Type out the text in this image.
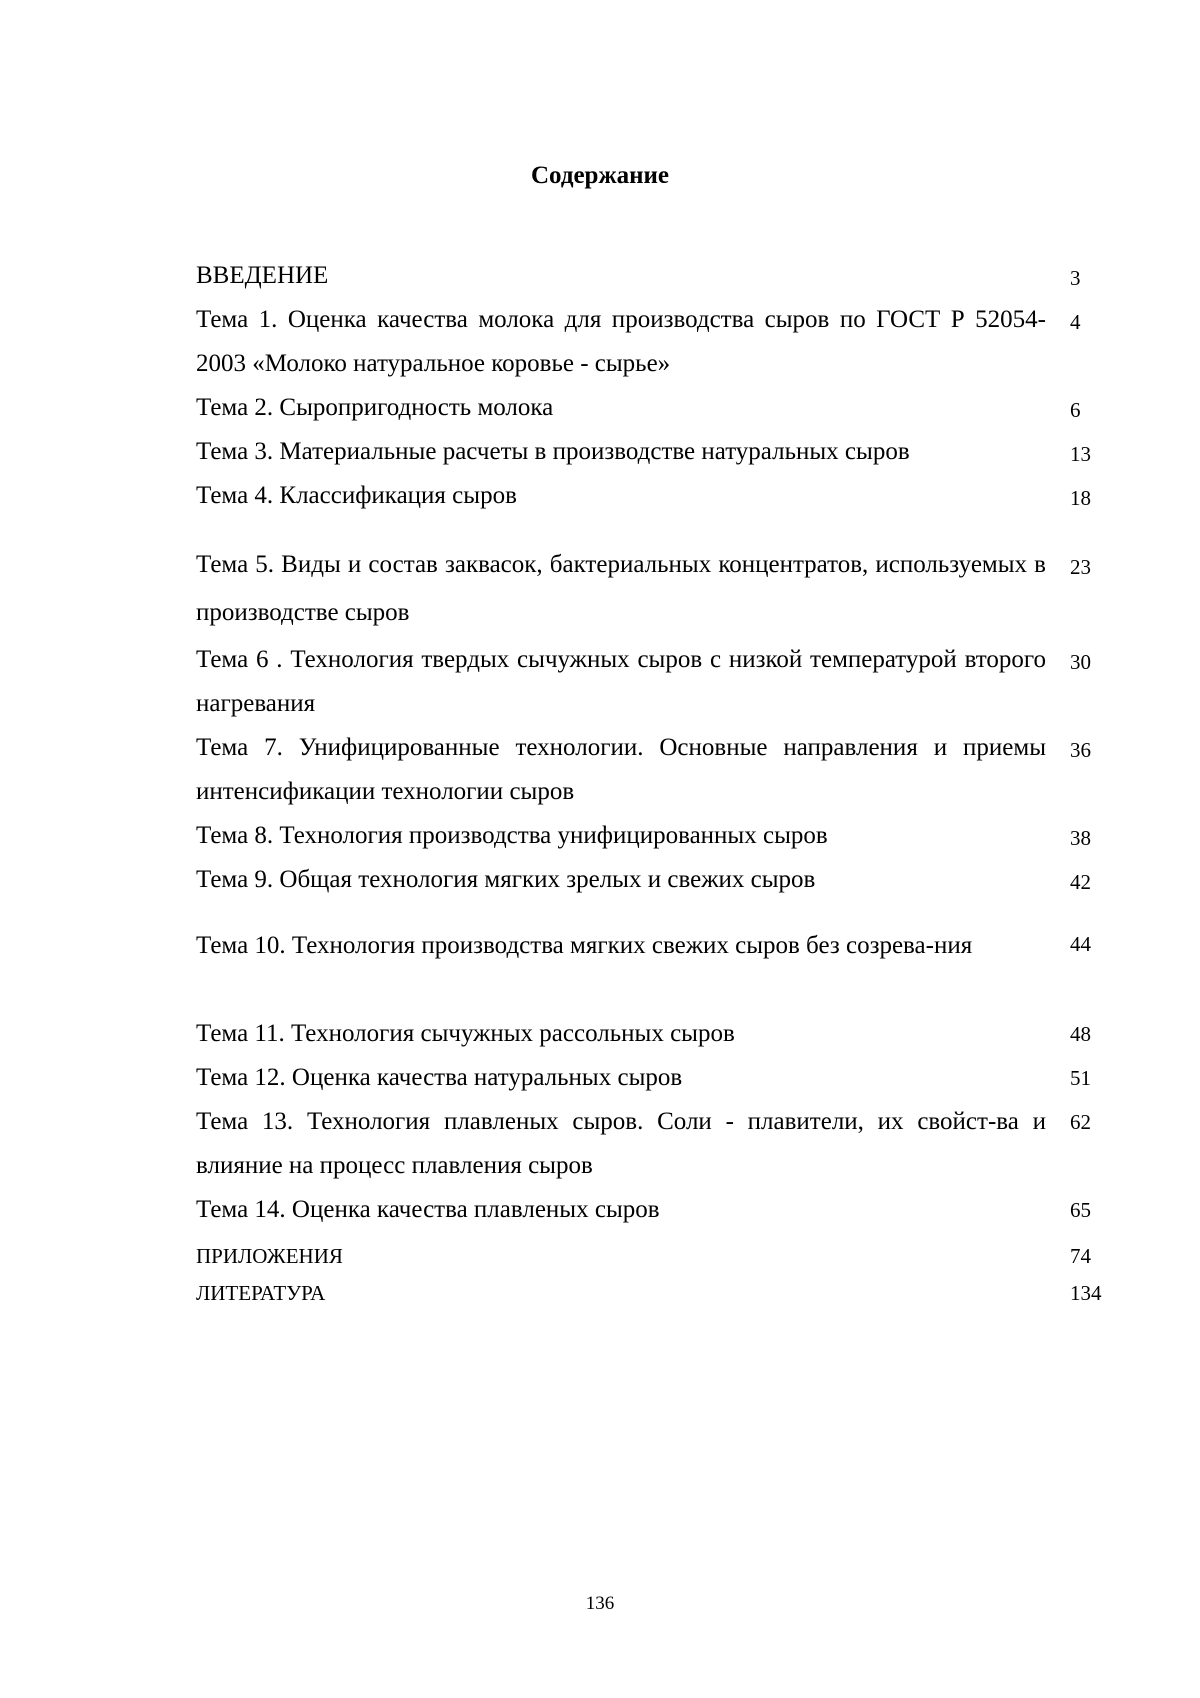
Содержание
ВВЕДЕНИЕ	3
Тема 1. Оценка качества молока для производства сыров по ГОСТ Р 52054-2003 «Молоко натуральное коровье - сырье»
4
Тема 2. Сыропригодность молока	6
Тема 3. Материальные расчеты в производстве натуральных сыров	13
Тема 4. Классификация сыров	18
Тема 5. Виды и состав заквасок, бактериальных концентратов, используемых в производстве сыров
23
Тема 6 . Технология твердых сычужных сыров с низкой температурой второго нагревания
30
Тема 7. Унифицированные технологии. Основные направления и приемы интенсификации технологии сыров
36
Тема 8. Технология производства унифицированных сыров	38
Тема 9. Общая технология мягких зрелых и свежих сыров	42
Тема 10. Технология производства мягких свежих сыров без созрева-ния	44
Тема 11. Технология сычужных рассольных сыров	48
Тема 12. Оценка качества натуральных сыров	51
Тема 13. Технология плавленых сыров. Соли - плавители, их свойст-ва и влияние на процесс плавления сыров
62
Тема 14. Оценка качества плавленых сыров	65
ПРИЛОЖЕНИЯ	74
ЛИТЕРАТУРА	134
136
